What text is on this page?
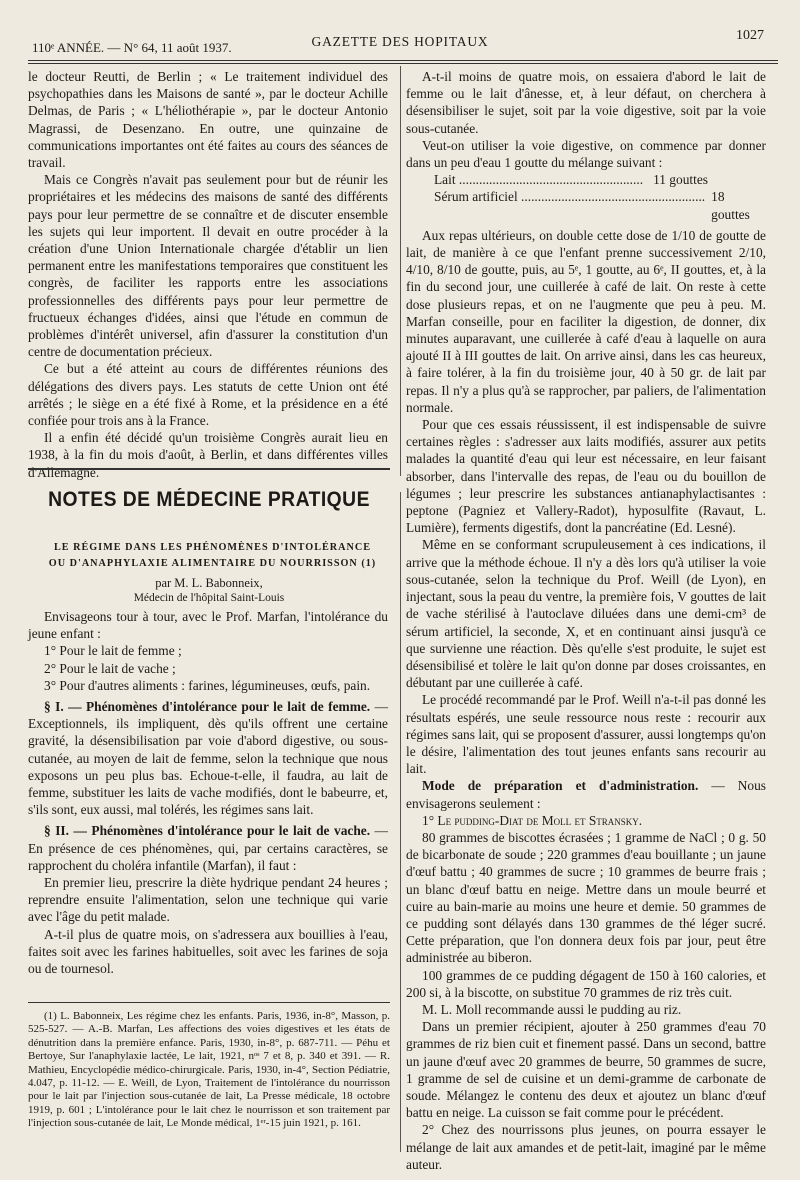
110ᵉ ANNÉE. — N° 64, 11 août 1937.	GAZETTE DES HOPITAUX	1027

le docteur Reutti, de Berlin ; « Le traitement individuel des psychopathies dans les Maisons de santé », par le docteur Achille Delmas, de Paris ; « L'héliothérapie », par le docteur Antonio Magrassi, de Desenzano. En outre, une quinzaine de communications importantes ont été faites au cours des séances de travail.

Mais ce Congrès n'avait pas seulement pour but de réunir les propriétaires et les médecins des maisons de santé des différents pays pour leur permettre de se connaître et de discuter ensemble les sujets qui leur importent. Il devait en outre procéder à la création d'une Union Internationale chargée d'établir un lien permanent entre les manifestations temporaires que constituent les congrès, de faciliter les rapports entre les associations professionnelles des différents pays pour leur permettre de fructueux échanges d'idées, ainsi que l'étude en commun de problèmes d'intérêt universel, afin d'assurer la constitution d'un centre de documentation précieux.

Ce but a été atteint au cours de différentes réunions des délégations des divers pays. Les statuts de cette Union ont été arrêtés ; le siège en a été fixé à Rome, et la présidence en a été confiée pour trois ans à la France.

Il a enfin été décidé qu'un troisième Congrès aurait lieu en 1938, à la fin du mois d'août, à Berlin, et dans différentes villes d'Allemagne.

NOTES DE MÉDECINE PRATIQUE
LE RÉGIME DANS LES PHÉNOMÈNES D'INTOLÉRANCE
OU D'ANAPHYLAXIE ALIMENTAIRE DU NOURRISSON (1)
par M. L. Babonneix,
Médecin de l'hôpital Saint-Louis

Envisageons tour à tour, avec le Prof. Marfan, l'intolérance du jeune enfant :

1° Pour le lait de femme ;

2° Pour le lait de vache ;

3° Pour d'autres aliments : farines, légumineuses, œufs, pain.

§ I. — Phénomènes d'intolérance pour le lait de femme. — Exceptionnels, ils impliquent, dès qu'ils offrent une certaine gravité, la désensibilisation par voie d'abord digestive, ou sous-cutanée, au moyen de lait de femme, selon la technique que nous exposons un peu plus bas. Echoue-t-elle, il faudra, au lait de femme, substituer les laits de vache modifiés, dont le babeurre, et, s'ils sont, eux aussi, mal tolérés, les régimes sans lait.

§ II. — Phénomènes d'intolérance pour le lait de vache. — En présence de ces phénomènes, qui, par certains caractères, se rapprochent du choléra infantile (Marfan), il faut :

En premier lieu, prescrire la diète hydrique pendant 24 heures ; reprendre ensuite l'alimentation, selon une technique qui varie avec l'âge du petit malade.

A-t-il plus de quatre mois, on s'adressera aux bouillies à l'eau, faites soit avec les farines habituelles, soit avec les farines de soja ou de tournesol.

(1) L. Babonneix, Les régime chez les enfants. Paris, 1936, in-8°, Masson, p. 525-527. — A.-B. Marfan, Les affections des voies digestives et les états de dénutrition dans la première enfance. Paris, 1930, in-8°, p. 687-711. — Péhu et Bertoye, Sur l'anaphylaxie lactée, Le lait, 1921, nᵒˢ 7 et 8, p. 340 et 391. — R. Mathieu, Encyclopédie médico-chirurgicale. Paris, 1930, in-4°, Section Pédiatrie, 4.047, p. 11-12. — E. Weill, de Lyon, Traitement de l'intolérance du nourrisson pour le lait par l'injection sous-cutanée de lait, La Presse médicale, 18 octobre 1919, p. 601 ; L'intolérance pour le lait chez le nourrisson et son traitement par l'injection sous-cutanée de lait, Le Monde médical, 1ᵉʳ-15 juin 1921, p. 161.

A-t-il moins de quatre mois, on essaiera d'abord le lait de femme ou le lait d'ânesse, et, à leur défaut, on cherchera à désensibiliser le sujet, soit par la voie digestive, soit par la voie sous-cutanée.

Veut-on utiliser la voie digestive, on commence par donner dans un peu d'eau 1 goutte du mélange suivant :

Lait ....................................................... 11 gouttes
Sérum artificiel ....................................................... 18 gouttes

Aux repas ultérieurs, on double cette dose de 1/10 de goutte de lait, de manière à ce que l'enfant prenne successivement 2/10, 4/10, 8/10 de goutte, puis, au 5ᵉ, 1 goutte, au 6ᵉ, II gouttes, et, à la fin du second jour, une cuillerée à café de lait. On reste à cette dose plusieurs repas, et on ne l'augmente que peu à peu. M. Marfan conseille, pour en faciliter la digestion, de donner, dix minutes auparavant, une cuillerée à café d'eau à laquelle on aura ajouté II à III gouttes de lait. On arrive ainsi, dans les cas heureux, à faire tolérer, à la fin du troisième jour, 40 à 50 gr. de lait par repas. Il n'y a plus qu'à se rapprocher, par paliers, de l'alimentation normale.

Pour que ces essais réussissent, il est indispensable de suivre certaines règles : s'adresser aux laits modifiés, assurer aux petits malades la quantité d'eau qui leur est nécessaire, en leur faisant absorber, dans l'intervalle des repas, de l'eau ou du bouillon de légumes ; leur prescrire les substances antianaphylactisantes : peptone (Pagniez et Vallery-Radot), hyposulfite (Ravaut, L. Lumière), ferments digestifs, dont la pancréatine (Ed. Lesné).

Même en se conformant scrupuleusement à ces indications, il arrive que la méthode échoue. Il n'y a dès lors qu'à utiliser la voie sous-cutanée, selon la technique du Prof. Weill (de Lyon), en injectant, sous la peau du ventre, la première fois, V gouttes de lait de vache stérilisé à l'autoclave diluées dans une demi-cm³ de sérum artificiel, la seconde, X, et en continuant ainsi jusqu'à ce que survienne une réaction. Dès qu'elle s'est produite, le sujet est désensibilisé et tolère le lait qu'on donne par doses croissantes, en débutant par une cuillerée à café.

Le procédé recommandé par le Prof. Weill n'a-t-il pas donné les résultats espérés, une seule ressource nous reste : recourir aux régimes sans lait, qui se proposent d'assurer, aussi longtemps qu'on le désire, l'alimentation des tout jeunes enfants sans recourir au lait.

Mode de préparation et d'administration. — Nous envisagerons seulement :

1° Le pudding-Diat de Moll et Stransky.

80 grammes de biscottes écrasées ; 1 gramme de NaCl ; 0 g. 50 de bicarbonate de soude ; 220 grammes d'eau bouillante ; un jaune d'œuf battu ; 40 grammes de sucre ; 10 grammes de beurre frais ; un blanc d'œuf battu en neige. Mettre dans un moule beurré et cuire au bain-marie au moins une heure et demie. 50 grammes de ce pudding sont délayés dans 130 grammes de thé léger sucré. Cette préparation, que l'on donnera deux fois par jour, peut être administrée au biberon.

100 grammes de ce pudding dégagent de 150 à 160 calories, et 200 si, à la biscotte, on substitue 70 grammes de riz très cuit.

M. L. Moll recommande aussi le pudding au riz.

Dans un premier récipient, ajouter à 250 grammes d'eau 70 grammes de riz bien cuit et finement passé. Dans un second, battre un jaune d'œuf avec 20 grammes de beurre, 50 grammes de sucre, 1 gramme de sel de cuisine et un demi-gramme de carbonate de soude. Mélangez le contenu des deux et ajoutez un blanc d'œuf battu en neige. La cuisson se fait comme pour le précédent.

2° Chez des nourrissons plus jeunes, on pourra essayer le mélange de lait aux amandes et de petit-lait, imaginé par le même auteur.
